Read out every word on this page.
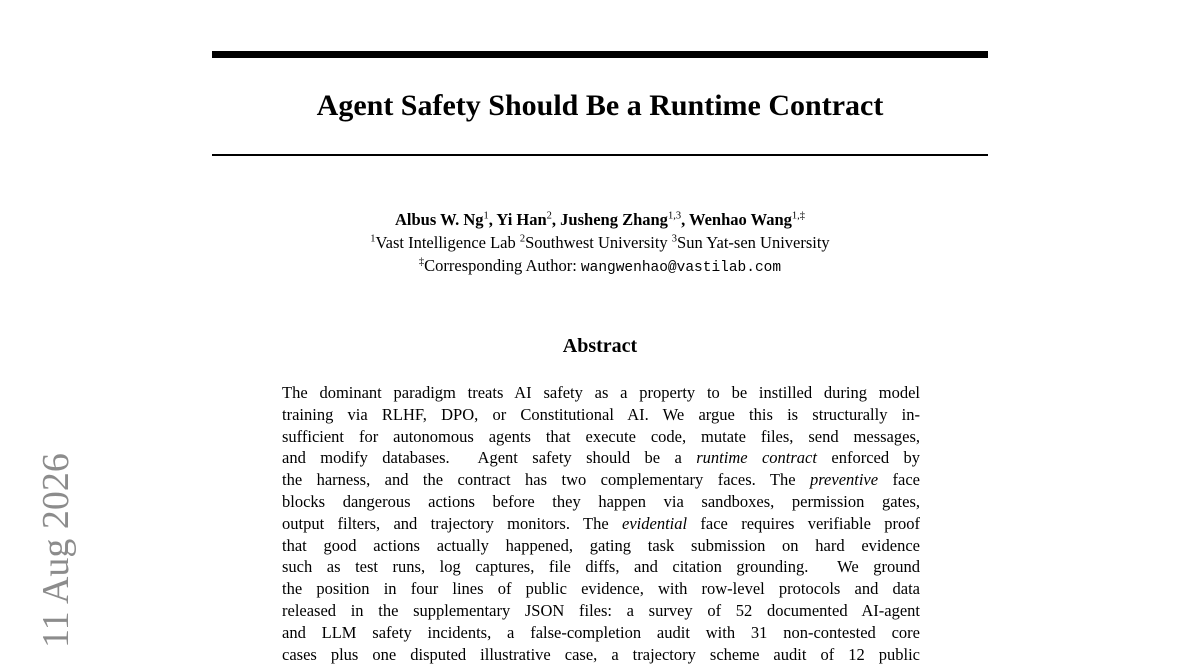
Agent Safety Should Be a Runtime Contract
Albus W. Ng$^1$, Yi Han$^2$, Jusheng Zhang$^{1,3}$, Wenhao Wang$^{1,\ddagger}$
$^1$Vast Intelligence Lab $^2$Southwest University $^3$Sun Yat-sen University
‡Corresponding Author: wangwenhao@vastilab.com
Abstract
The dominant paradigm treats AI safety as a property to be instilled during model
training via RLHF, DPO, or Constitutional AI. We argue this is structurally in-
sufficient for autonomous agents that execute code, mutate files, send messages,
and modify databases.  Agent safety should be a runtime contract enforced by
the harness, and the contract has two complementary faces. The preventive face
blocks dangerous actions before they happen via sandboxes, permission gates,
output filters, and trajectory monitors. The evidential face requires verifiable proof
that good actions actually happened, gating task submission on hard evidence
such as test runs, log captures, file diffs, and citation grounding.  We ground
the position in four lines of public evidence, with row-level protocols and data
released in the supplementary JSON files: a survey of 52 documented AI-agent
and LLM safety incidents, a false-completion audit with 31 non-contested core
cases plus one disputed illustrative case, a trajectory scheme audit of 12 public
11 Aug 2026
